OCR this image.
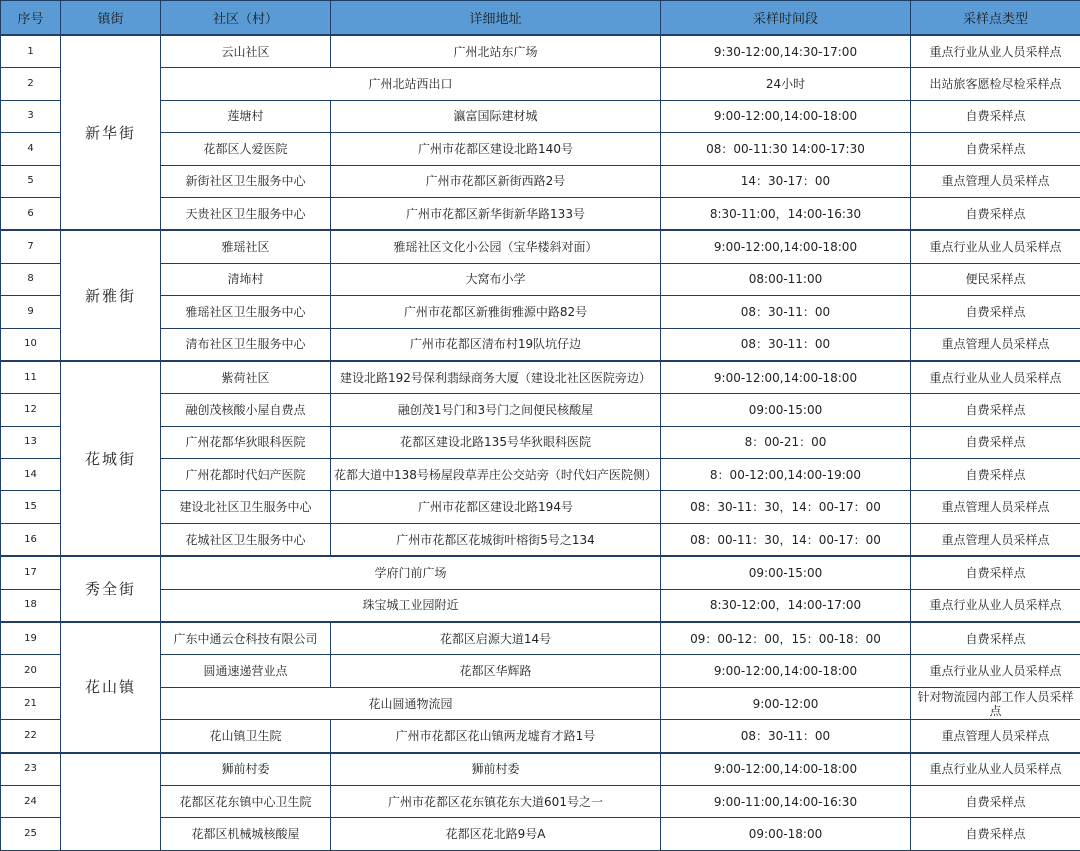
序号	镇街	社区（村）	详细地址	采样时间段	采样点类型
1	新华街	云山社区	广州北站东广场	9:30-12:00,14:30-17:00	重点行业从业人员采样点
2		广州北站西出口		24小时	出站旅客愿检尽检采样点
3		莲塘村	瀛富国际建材城	9:00-12:00,14:00-18:00	自费采样点
4		花都区人爱医院	广州市花都区建设北路140号	08：00-11:30 14:00-17:30	自费采样点
5		新街社区卫生服务中心	广州市花都区新街西路2号	14：30-17：00	重点管理人员采样点
6		天贵社区卫生服务中心	广州市花都区新华街新华路133号	8:30-11:00，14:00-16:30	自费采样点
7	新雅街	雅瑶社区	雅瑶社区文化小公园（宝华楼斜对面）	9:00-12:00,14:00-18:00	重点行业从业人员采样点
8		清㘵村	大窝布小学	08:00-11:00	便民采样点
9		雅瑶社区卫生服务中心	广州市花都区新雅街雅源中路82号	08：30-11：00	自费采样点
10		清布社区卫生服务中心	广州市花都区清布村19队坑仔边	08：30-11：00	重点管理人员采样点
11	花城街	紫荷社区	建设北路192号保利翡绿商务大厦（建设北社区医院旁边）	9:00-12:00,14:00-18:00	重点行业从业人员采样点
12		融创茂核酸小屋自费点	融创茂1号门和3号门之间便民核酸屋	09:00-15:00	自费采样点
13		广州花都华狄眼科医院	花都区建设北路135号华狄眼科医院	8：00-21：00	自费采样点
14		广州花都时代妇产医院	花都大道中138号杨屋段草弄庄公交站旁（时代妇产医院侧）	8：00-12:00,14:00-19:00	自费采样点
15		建设北社区卫生服务中心	广州市花都区建设北路194号	08：30-11：30，14：00-17：00	重点管理人员采样点
16		花城社区卫生服务中心	广州市花都区花城街叶榕街5号之134	08：00-11：30，14：00-17：00	重点管理人员采样点
17	秀全街	学府门前广场		09:00-15:00	自费采样点
18		珠宝城工业园附近		8:30-12:00，14:00-17:00	重点行业从业人员采样点
19	花山镇	广东中通云仓科技有限公司	花都区启源大道14号	09：00-12：00，15：00-18：00	自费采样点
20		圆通速递营业点	花都区华辉路	9:00-12:00,14:00-18:00	重点行业从业人员采样点
21		花山圆通物流园		9:00-12:00	针对物流园内部工作人员采样点
22		花山镇卫生院	广州市花都区花山镇两龙墟育才路1号	08：30-11：00	重点管理人员采样点
23		狮前村委	狮前村委	9:00-12:00,14:00-18:00	重点行业从业人员采样点
24		花都区花东镇中心卫生院	广州市花都区花东镇花东大道601号之一	9:00-11:00,14:00-16:30	自费采样点
25		花都区机械城核酸屋	花都区花北路9号A	09:00-18:00	自费采样点
